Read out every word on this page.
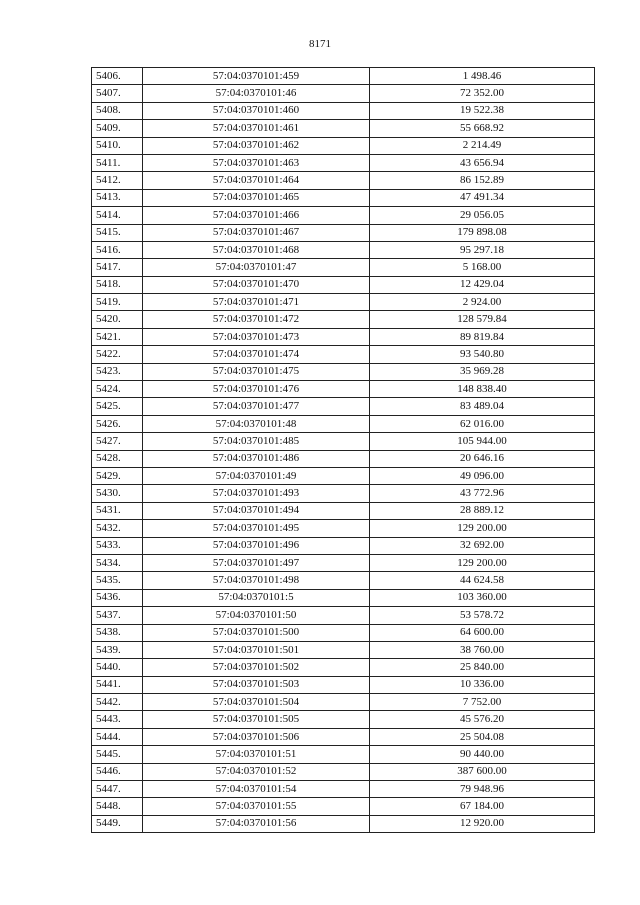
8171
5406.	57:04:0370101:459	1 498.46
5407.	57:04:0370101:46	72 352.00
5408.	57:04:0370101:460	19 522.38
5409.	57:04:0370101:461	55 668.92
5410.	57:04:0370101:462	2 214.49
5411.	57:04:0370101:463	43 656.94
5412.	57:04:0370101:464	86 152.89
5413.	57:04:0370101:465	47 491.34
5414.	57:04:0370101:466	29 056.05
5415.	57:04:0370101:467	179 898.08
5416.	57:04:0370101:468	95 297.18
5417.	57:04:0370101:47	5 168.00
5418.	57:04:0370101:470	12 429.04
5419.	57:04:0370101:471	2 924.00
5420.	57:04:0370101:472	128 579.84
5421.	57:04:0370101:473	89 819.84
5422.	57:04:0370101:474	93 540.80
5423.	57:04:0370101:475	35 969.28
5424.	57:04:0370101:476	148 838.40
5425.	57:04:0370101:477	83 489.04
5426.	57:04:0370101:48	62 016.00
5427.	57:04:0370101:485	105 944.00
5428.	57:04:0370101:486	20 646.16
5429.	57:04:0370101:49	49 096.00
5430.	57:04:0370101:493	43 772.96
5431.	57:04:0370101:494	28 889.12
5432.	57:04:0370101:495	129 200.00
5433.	57:04:0370101:496	32 692.00
5434.	57:04:0370101:497	129 200.00
5435.	57:04:0370101:498	44 624.58
5436.	57:04:0370101:5	103 360.00
5437.	57:04:0370101:50	53 578.72
5438.	57:04:0370101:500	64 600.00
5439.	57:04:0370101:501	38 760.00
5440.	57:04:0370101:502	25 840.00
5441.	57:04:0370101:503	10 336.00
5442.	57:04:0370101:504	7 752.00
5443.	57:04:0370101:505	45 576.20
5444.	57:04:0370101:506	25 504.08
5445.	57:04:0370101:51	90 440.00
5446.	57:04:0370101:52	387 600.00
5447.	57:04:0370101:54	79 948.96
5448.	57:04:0370101:55	67 184.00
5449.	57:04:0370101:56	12 920.00
